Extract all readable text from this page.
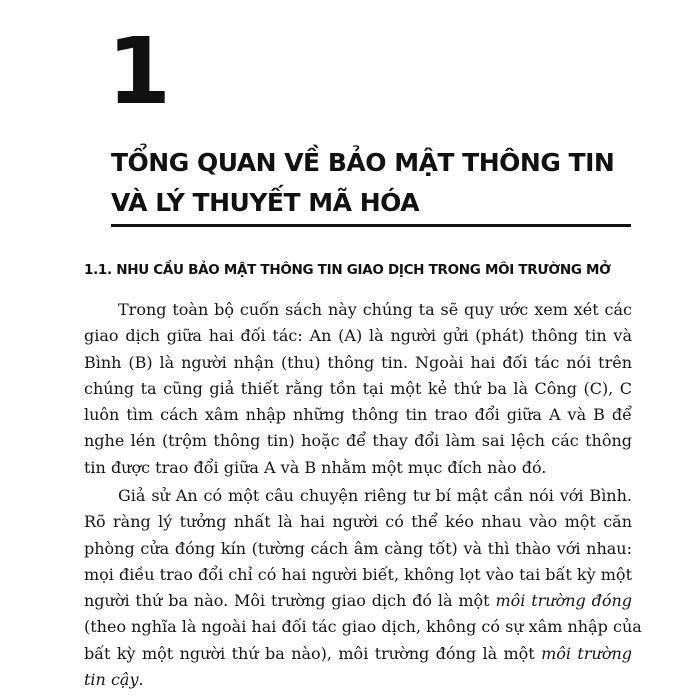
1
TỔNG QUAN VỀ BẢO MẬT THÔNG TIN
VÀ LÝ THUYẾT MÃ HÓA
1.1. NHU CẦU BẢO MẬT THÔNG TIN GIAO DỊCH TRONG MÔI TRƯỜNG MỞ
Trong toàn bộ cuốn sách này chúng ta sẽ quy ước xem xét các
giao dịch giữa hai đối tác: An (A) là người gửi (phát) thông tin và
Bình (B) là người nhận (thu) thông tin. Ngoài hai đối tác nói trên
chúng ta cũng giả thiết rằng tồn tại một kẻ thứ ba là Công (C), C
luôn tìm cách xâm nhập những thông tin trao đổi giữa A và B để
nghe lén (trộm thông tin) hoặc để thay đổi làm sai lệch các thông
tin được trao đổi giữa A và B nhằm một mục đích nào đó.
Giả sử An có một câu chuyện riêng tư bí mật cần nói với Bình.
Rõ ràng lý tưởng nhất là hai người có thể kéo nhau vào một căn
phòng cửa đóng kín (tường cách âm càng tốt) và thì thào với nhau:
mọi điều trao đổi chỉ có hai người biết, không lọt vào tai bất kỳ một
người thứ ba nào. Môi trường giao dịch đó là một môi trường đóng
(theo nghĩa là ngoài hai đối tác giao dịch, không có sự xâm nhập của
bất kỳ một người thứ ba nào), môi trường đóng là một môi trường
tin cậy.
